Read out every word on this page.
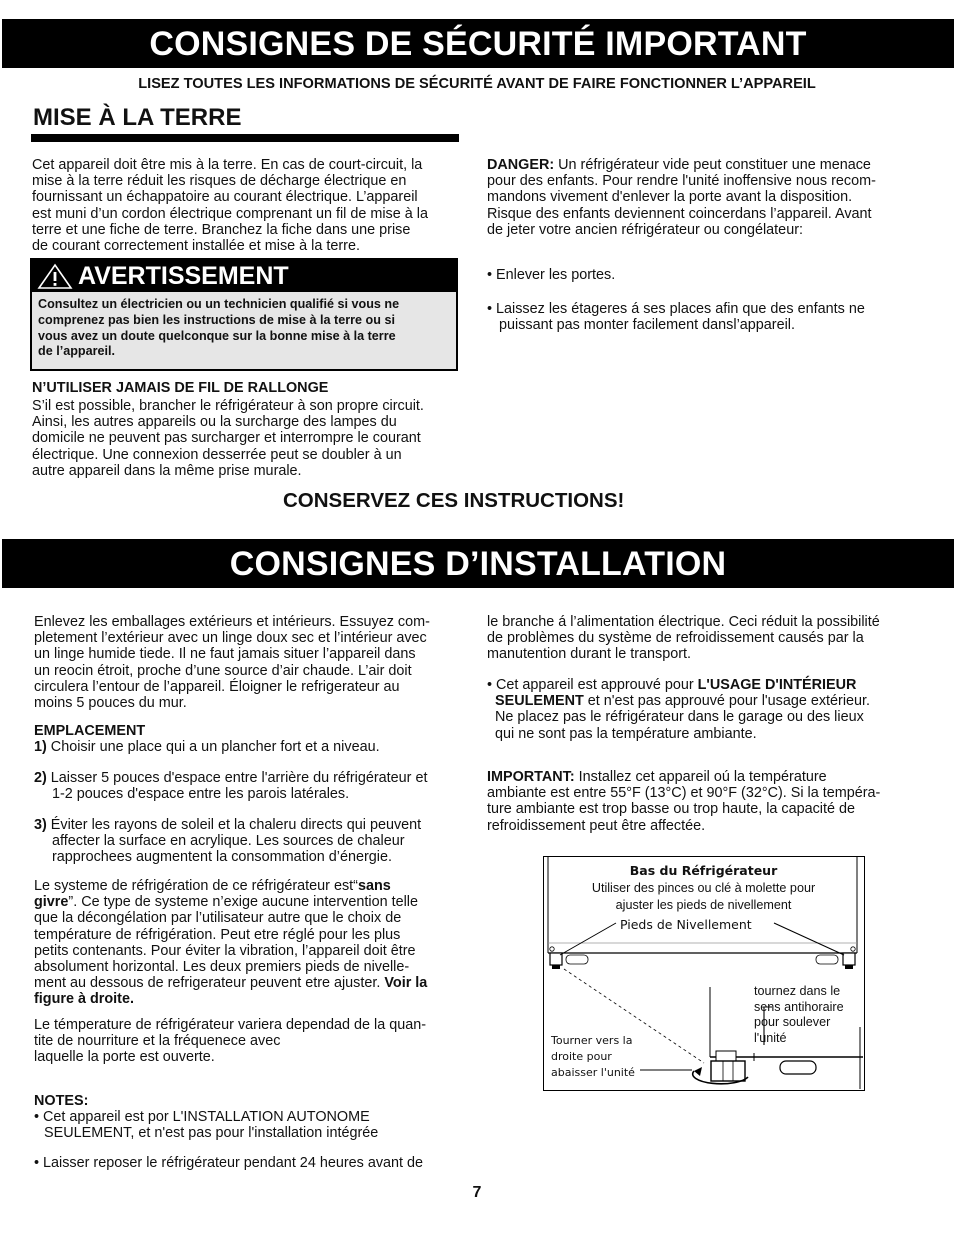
CONSIGNES DE SÉCURITÉ IMPORTANT
LISEZ TOUTES LES INFORMATIONS DE SÉCURITÉ AVANT DE FAIRE FONCTIONNER L’APPAREIL
MISE À LA TERRE
Cet appareil doit être mis à la terre. En cas de court-circuit, la
mise à la terre réduit les risques de décharge électrique en
fournissant un échappatoire au courant électrique. L’appareil
est muni d’un cordon électrique comprenant un fil de mise à la
terre et une fiche de terre. Branchez la fiche dans une prise
de courant correctement installée et mise à la terre.
AVERTISSEMENT
Consultez un électricien ou un technicien qualifié si vous ne
comprenez pas bien les instructions de mise à la terre ou si
vous avez un doute quelconque sur la bonne mise à la terre
de l’appareil.
N’UTILISER JAMAIS DE FIL DE RALLONGE
S’il est possible, brancher le réfrigérateur à son propre circuit.
Ainsi, les autres appareils ou la surcharge des lampes du
domicile ne peuvent pas surcharger et interrompre le courant
électrique. Une connexion desserrée peut se doubler à un
autre appareil dans la même prise murale.
DANGER: Un réfrigérateur vide peut constituer une menace
pour des enfants. Pour rendre l'unité inoffensive nous recom-
mandons vivement d'enlever la porte avant la disposition.
Risque des enfants deviennent coincerdans l’appareil. Avant
de jeter votre ancien réfrigérateur ou congélateur:
• Enlever les portes.
• Laissez les étageres á ses places afin que des enfants ne
puissant pas monter facilement dansl’appareil.
CONSERVEZ CES INSTRUCTIONS!
CONSIGNES D’INSTALLATION
Enlevez les emballages extérieurs et intérieurs. Essuyez com-
pletement l’extérieur avec un linge doux sec et l’intérieur avec
un linge humide tiede. Il ne faut jamais situer l’appareil dans
un reocin étroit, proche d’une source d’air chaude. L’air doit
circulera l’entour de l’appareil. Éloigner le refrigerateur au
moins 5 pouces du mur.
EMPLACEMENT
1) Choisir une place qui a un plancher fort et a niveau.
2) Laisser 5 pouces d'espace entre l'arrière du réfrigérateur et
1-2 pouces d'espace entre les parois latérales.
3) Éviter les rayons de soleil et la chaleru directs qui peuvent
affecter la surface en acrylique. Les sources de chaleur
rapprochees augmentent la consommation d’énergie.
Le systeme de réfrigération de ce réfrigérateur est“sans
givre”. Ce type de systeme n’exige aucune intervention telle
que la décongélation par l’utilisateur autre que le choix de
température de réfrigération. Peut etre réglé pour les plus
petits contenants. Pour éviter la vibration, l’appareil doit être
absolument horizontal. Les deux premiers pieds de nivelle-
ment au dessous de refrigerateur peuvent etre ajuster. Voir la
figure à droite.
Le témperature de réfrigérateur variera dependad de la quan-
tite de nourriture et la fréquenece avec
laquelle la porte est ouverte.
NOTES:
• Cet appareil est por L'INSTALLATION AUTONOME
SEULEMENT, et n'est pas pour l'installation intégrée
• Laisser reposer le réfrigérateur pendant 24 heures avant de
le branche á l’alimentation électrique. Ceci réduit la possibilité
de problèmes du système de refroidissement causés par la
manutention durant le transport.
• Cet appareil est approuvé pour L'USAGE D'INTÉRIEUR
SEULEMENT et n'est pas approuvé pour l'usage extérieur.
Ne placez pas le réfrigérateur dans le garage ou des lieux
qui ne sont pas la température ambiante.
IMPORTANT: Installez cet appareil oú la température
ambiante est entre 55°F (13°C) et 90°F (32°C). Si la tempéra-
ture ambiante est trop basse ou trop haute, la capacité de
refroidissement peut être affectée.
Bas du Réfrigérateur
Utiliser des pinces ou clé à molette pour
ajuster les pieds de nivellement
Pieds de Nivellement
Tourner vers la
droite pour
abaisser l'unité
tournez dans le
sens antihoraire
pour soulever
l'unité
7
